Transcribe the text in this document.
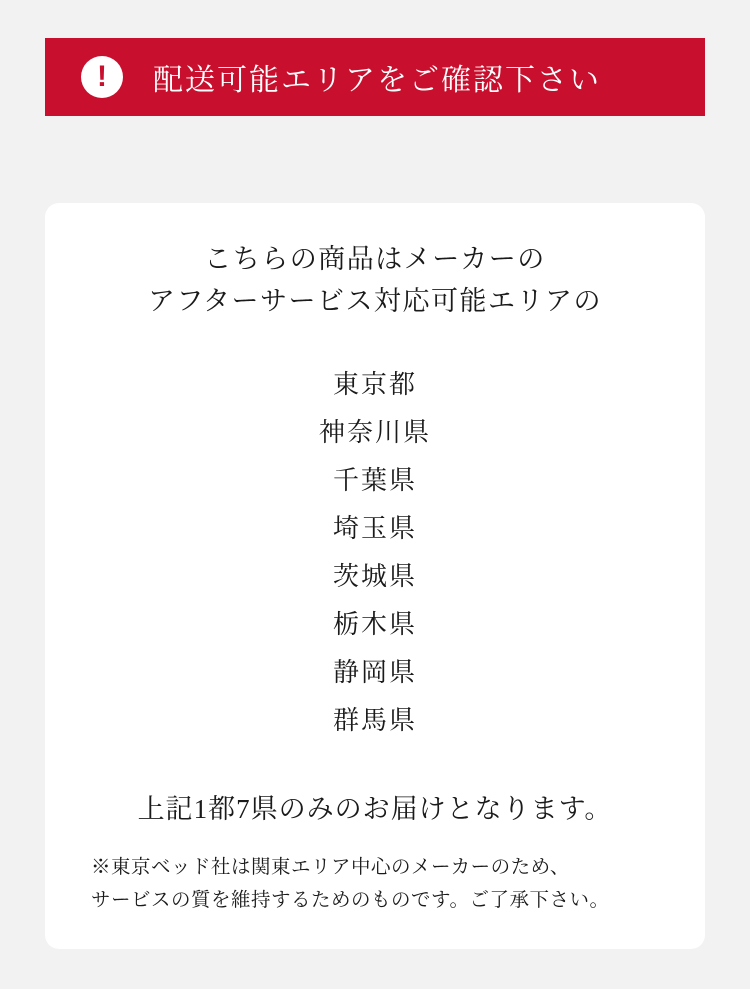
!	配送可能エリアをご確認下さい

こちらの商品はメーカーの
アフターサービス対応可能エリアの

東京都
神奈川県
千葉県
埼玉県
茨城県
栃木県
静岡県
群馬県

上記1都7県のみのお届けとなります。

※東京ベッド社は関東エリア中心のメーカーのため、
サービスの質を維持するためのものです。ご了承下さい。
